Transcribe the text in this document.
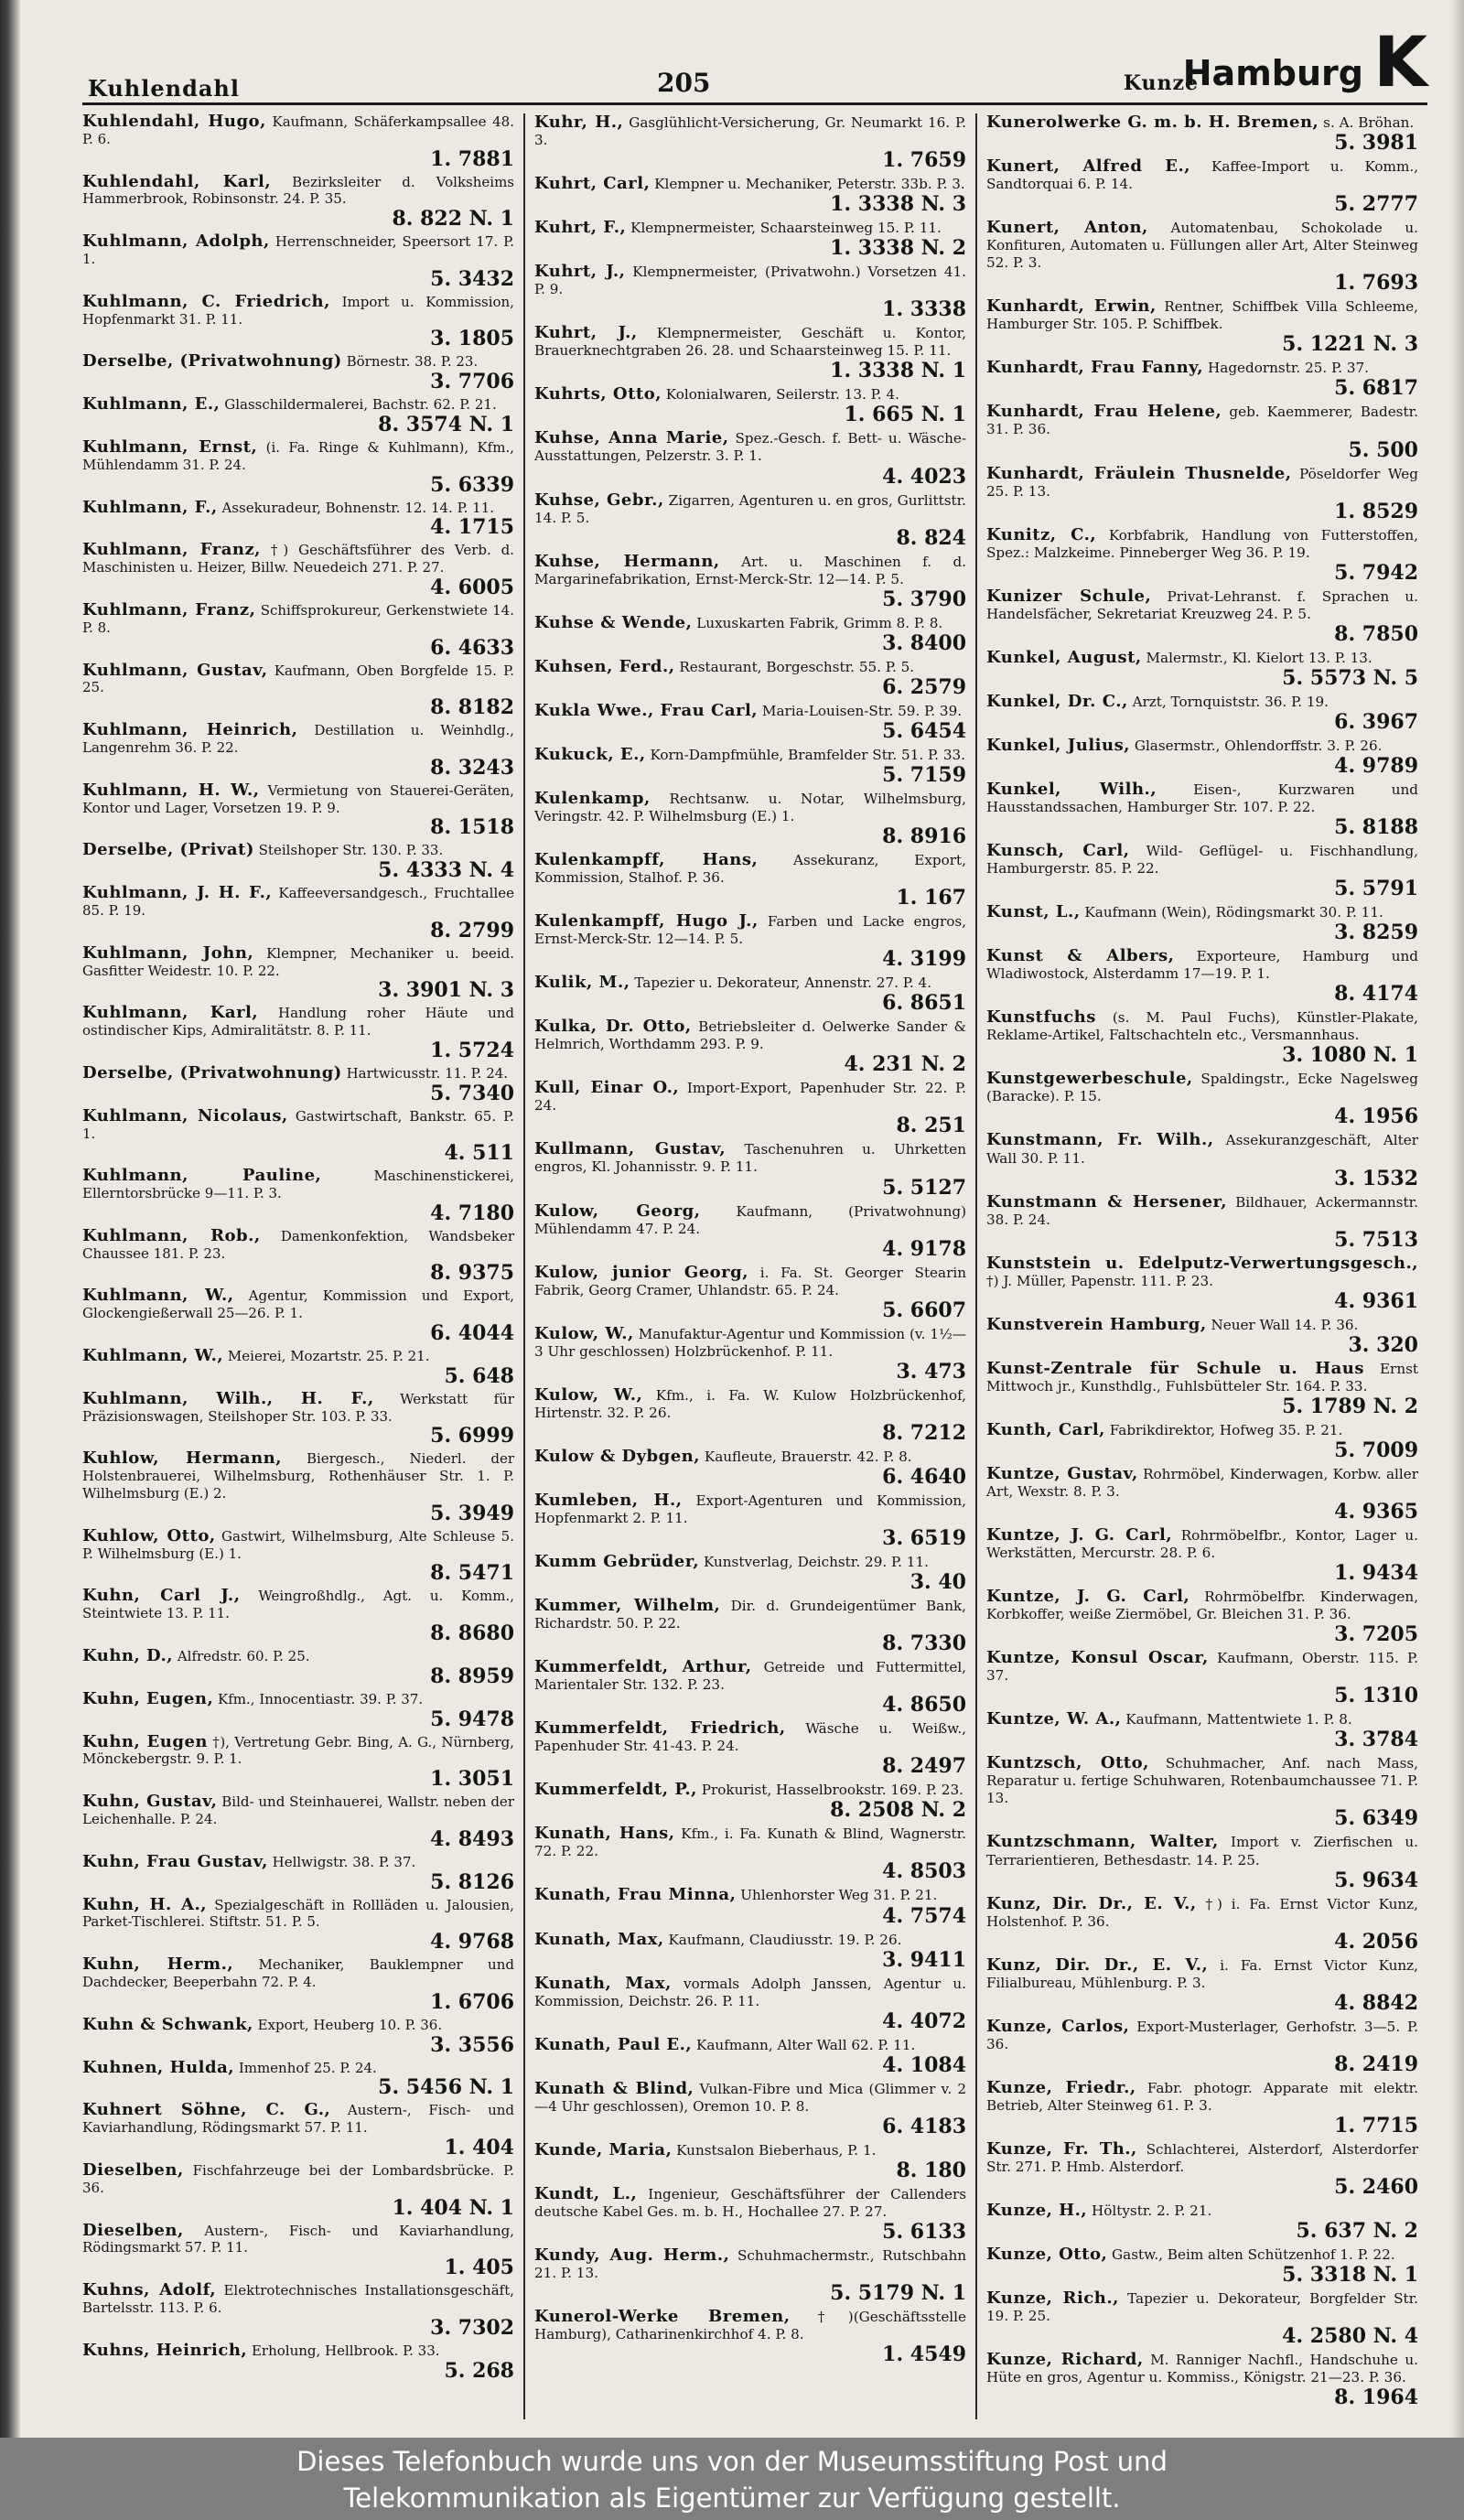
Kuhlendahl	205	Kunze
Hamburg K
Kuhlendahl, Hugo, Kaufmann, Schäferkampsallee 48. P. 6.
1. 7881
Kuhlendahl, Karl, Bezirksleiter d. Volksheims Hammerbrook, Robinsonstr. 24. P. 35.
8. 822 N. 1
Kuhlmann, Adolph, Herrenschneider, Speersort 17. P. 1.
5. 3432
Kuhlmann, C. Friedrich, Import u. Kommission, Hopfenmarkt 31. P. 11.
3. 1805
Derselbe, (Privatwohnung) Börnestr. 38. P. 23.
3. 7706
Kuhlmann, E., Glasschildermalerei, Bachstr. 62. P. 21.
8. 3574 N. 1
Kuhlmann, Ernst, (i. Fa. Ringe & Kuhlmann), Kfm., Mühlendamm 31. P. 24.
5. 6339
Kuhlmann, F., Assekuradeur, Bohnenstr. 12. 14. P. 11.
4. 1715
Kuhlmann, Franz, †) Geschäftsführer des Verb. d. Maschinisten u. Heizer, Billw. Neuedeich 271. P. 27.
4. 6005
Kuhlmann, Franz, Schiffsprokureur, Gerkenstwiete 14. P. 8.
6. 4633
Kuhlmann, Gustav, Kaufmann, Oben Borgfelde 15. P. 25.
8. 8182
Kuhlmann, Heinrich, Destillation u. Weinhdlg., Langenrehm 36. P. 22.
8. 3243
Kuhlmann, H. W., Vermietung von Stauerei-Geräten, Kontor und Lager, Vorsetzen 19. P. 9.
8. 1518
Derselbe, (Privat) Steilshoper Str. 130. P. 33.
5. 4333 N. 4
Kuhlmann, J. H. F., Kaffeeversandgesch., Fruchtallee 85. P. 19.
8. 2799
Kuhlmann, John, Klempner, Mechaniker u. beeid. Gasfitter Weidestr. 10. P. 22.
3. 3901 N. 3
Kuhlmann, Karl, Handlung roher Häute und ostindischer Kips, Admiralitätstr. 8. P. 11.
1. 5724
Derselbe, (Privatwohnung) Hartwicusstr. 11. P. 24.
5. 7340
Kuhlmann, Nicolaus, Gastwirtschaft, Bankstr. 65. P. 1.
4. 511
Kuhlmann, Pauline,	Maschinenstickerei, Ellerntorsbrücke 9—11. P. 3.
4. 7180
Kuhlmann, Rob., Damenkonfektion, Wandsbeker Chaussee 181. P. 23.
8. 9375
Kuhlmann, W., Agentur, Kommission und Export, Glockengießerwall 25—26. P. 1.
6. 4044
Kuhlmann, W., Meierei, Mozartstr. 25. P. 21.
5. 648
Kuhlmann, Wilh., H. F., Werkstatt für Präzisionswagen, Steilshoper Str. 103. P. 33.
5. 6999
Kuhlow, Hermann, Biergesch., Niederl. der Holstenbrauerei, Wilhelmsburg, Rothenhäuser Str. 1. P. Wilhelmsburg (E.) 2.
5. 3949
Kuhlow, Otto, Gastwirt, Wilhelmsburg, Alte Schleuse 5. P. Wilhelmsburg (E.) 1.
8. 5471
Kuhn, Carl J., Weingroßhdlg., Agt. u. Komm., Steintwiete 13. P. 11.
8. 8680
Kuhn, D., Alfredstr. 60. P. 25.
8. 8959
Kuhn, Eugen, Kfm., Innocentiastr. 39. P. 37.
5. 9478
Kuhn, Eugen †), Vertretung Gebr. Bing, A. G., Nürnberg, Mönckebergstr. 9. P. 1.
1. 3051
Kuhn, Gustav, Bild- und Steinhauerei, Wallstr. neben der Leichenhalle. P. 24.
4. 8493
Kuhn, Frau Gustav, Hellwigstr. 38. P. 37.
5. 8126
Kuhn, H. A., Spezialgeschäft in Rollläden u. Jalousien, Parket-Tischlerei. Stiftstr. 51. P. 5.
4. 9768
Kuhn, Herm., Mechaniker, Bauklempner und Dachdecker, Beeperbahn 72. P. 4.
1. 6706
Kuhn & Schwank, Export, Heuberg 10. P. 36.
3. 3556
Kuhnen, Hulda, Immenhof 25. P. 24.
5. 5456 N. 1
Kuhnert Söhne, C. G., Austern-, Fisch- und Kaviarhandlung, Rödingsmarkt 57. P. 11.
1. 404
Dieselben, Fischfahrzeuge bei der Lombardsbrücke. P. 36.
1. 404 N. 1
Dieselben, Austern-, Fisch- und Kaviarhandlung, Rödingsmarkt 57. P. 11.
1. 405
Kuhns, Adolf, Elektrotechnisches Installationsgeschäft, Bartelsstr. 113. P. 6.
3. 7302
Kuhns, Heinrich, Erholung, Hellbrook. P. 33.
5. 268
Kuhr, H., Gasglühlicht-Versicherung, Gr. Neumarkt 16. P. 3.
1. 7659
Kuhrt, Carl, Klempner u. Mechaniker, Peterstr. 33b. P. 3.
1. 3338 N. 3
Kuhrt, F., Klempnermeister, Schaarsteinweg 15. P. 11.
1. 3338 N. 2
Kuhrt, J., Klempnermeister, (Privatwohn.) Vorsetzen 41. P. 9.
1. 3338
Kuhrt, J., Klempnermeister, Geschäft u. Kontor, Brauerknechtgraben 26. 28. und Schaarsteinweg 15. P. 11.
1. 3338 N. 1
Kuhrts, Otto, Kolonialwaren, Seilerstr. 13. P. 4.
1. 665 N. 1
Kuhse, Anna Marie, Spez.-Gesch. f. Bett- u. Wäsche-Ausstattungen, Pelzerstr. 3. P. 1.
4. 4023
Kuhse, Gebr., Zigarren, Agenturen u. en gros, Gurlittstr. 14. P. 5.
8. 824
Kuhse, Hermann, Art. u. Maschinen f. d. Margarinefabrikation, Ernst-Merck-Str. 12—14. P. 5.
5. 3790
Kuhse & Wende, Luxuskarten Fabrik, Grimm 8. P. 8.
3. 8400
Kuhsen, Ferd., Restaurant, Borgeschstr. 55. P. 5.
6. 2579
Kukla Wwe., Frau Carl, Maria-Louisen-Str. 59. P. 39.
5. 6454
Kukuck, E., Korn-Dampfmühle, Bramfelder Str. 51. P. 33.
5. 7159
Kulenkamp, Rechtsanw. u. Notar, Wilhelmsburg, Veringstr. 42. P. Wilhelmsburg (E.) 1.
8. 8916
Kulenkampff, Hans,	Assekuranz, Export, Kommission, Stalhof. P. 36.
1. 167
Kulenkampff, Hugo J., Farben und Lacke engros, Ernst-Merck-Str. 12—14. P. 5.
4. 3199
Kulik, M., Tapezier u. Dekorateur, Annenstr. 27. P. 4.
6. 8651
Kulka, Dr. Otto, Betriebsleiter d. Oelwerke Sander & Helmrich, Worthdamm 293. P. 9.
4. 231 N. 2
Kull, Einar O., Import-Export, Papenhuder Str. 22. P. 24.
8. 251
Kullmann, Gustav, Taschenuhren u. Uhrketten engros, Kl. Johannisstr. 9. P. 11.
5. 5127
Kulow, Georg,	Kaufmann, (Privatwohnung) Mühlendamm 47. P. 24.
4. 9178
Kulow, junior Georg, i. Fa. St. Georger Stearin Fabrik, Georg Cramer, Uhlandstr. 65. P. 24.
5. 6607
Kulow, W., Manufaktur-Agentur und Kommission (v. 1½—3 Uhr geschlossen) Holzbrückenhof. P. 11.
3. 473
Kulow, W., Kfm., i. Fa. W. Kulow Holzbrückenhof, Hirtenstr. 32. P. 26.
8. 7212
Kulow & Dybgen, Kaufleute, Brauerstr. 42. P. 8.
6. 4640
Kumleben, H., Export-Agenturen und Kommission, Hopfenmarkt 2. P. 11.
3. 6519
Kumm Gebrüder, Kunstverlag, Deichstr. 29. P. 11.
3. 40
Kummer, Wilhelm, Dir. d. Grundeigentümer Bank, Richardstr. 50. P. 22.
8. 7330
Kummerfeldt, Arthur, Getreide und Futtermittel, Marientaler Str. 132. P. 23.
4. 8650
Kummerfeldt, Friedrich, Wäsche u. Weißw., Papenhuder Str. 41-43. P. 24.
8. 2497
Kummerfeldt, P., Prokurist, Hasselbrookstr. 169. P. 23.
8. 2508 N. 2
Kunath, Hans, Kfm., i. Fa. Kunath & Blind, Wagnerstr. 72. P. 22.
4. 8503
Kunath, Frau Minna, Uhlenhorster Weg 31. P. 21.
4. 7574
Kunath, Max, Kaufmann, Claudiusstr. 19. P. 26.
3. 9411
Kunath, Max, vormals Adolph Janssen, Agentur u. Kommission, Deichstr. 26. P. 11.
4. 4072
Kunath, Paul E., Kaufmann, Alter Wall 62. P. 11.
4. 1084
Kunath & Blind, Vulkan-Fibre und Mica (Glimmer v. 2—4 Uhr geschlossen), Oremon 10. P. 8.
6. 4183
Kunde, Maria, Kunstsalon Bieberhaus, P. 1.
8. 180
Kundt, L., Ingenieur, Geschäftsführer der Callenders deutsche Kabel Ges. m. b. H., Hochallee 27. P. 27.
5. 6133
Kundy, Aug. Herm., Schuhmachermstr., Rutschbahn 21. P. 13.
5. 5179 N. 1
Kunerol-Werke Bremen, †)(Geschäftsstelle Hamburg), Catharinenkirchhof 4. P. 8.
1. 4549
Kunerolwerke G. m. b. H. Bremen, s. A. Bröhan.
5. 3981
Kunert, Alfred E., Kaffee-Import u. Komm., Sandtorquai 6. P. 14.
5. 2777
Kunert, Anton, Automatenbau, Schokolade u. Konfituren, Automaten u. Füllungen aller Art, Alter Steinweg 52. P. 3.
1. 7693
Kunhardt, Erwin, Rentner, Schiffbek Villa Schleeme, Hamburger Str. 105. P. Schiffbek.
5. 1221 N. 3
Kunhardt, Frau Fanny, Hagedornstr. 25. P. 37.
5. 6817
Kunhardt, Frau Helene, geb. Kaemmerer, Badestr. 31. P. 36.
5. 500
Kunhardt, Fräulein Thusnelde, Pöseldorfer Weg 25. P. 13.
1. 8529
Kunitz, C., Korbfabrik, Handlung von Futterstoffen, Spez.: Malzkeime. Pinneberger Weg 36. P. 19.
5. 7942
Kunizer Schule, Privat-Lehranst. f. Sprachen u. Handelsfächer, Sekretariat Kreuzweg 24. P. 5.
8. 7850
Kunkel, August, Malermstr., Kl. Kielort 13. P. 13.
5. 5573 N. 5
Kunkel, Dr. C., Arzt, Tornquiststr. 36. P. 19.
6. 3967
Kunkel, Julius, Glasermstr., Ohlendorffstr. 3. P. 26.
4. 9789
Kunkel, Wilh.,	Eisen-, Kurzwaren und Hausstandssachen, Hamburger Str. 107. P. 22.
5. 8188
Kunsch, Carl, Wild- Geflügel- u. Fischhandlung, Hamburgerstr. 85. P. 22.
5. 5791
Kunst, L., Kaufmann (Wein), Rödingsmarkt 30. P. 11.
3. 8259
Kunst & Albers, Exporteure, Hamburg und Wladiwostock, Alsterdamm 17—19. P. 1.
8. 4174
Kunstfuchs (s. M. Paul Fuchs), Künstler-Plakate, Reklame-Artikel, Faltschachteln etc., Versmannhaus.
3. 1080 N. 1
Kunstgewerbeschule, Spaldingstr., Ecke Nagelsweg (Baracke). P. 15.
4. 1956
Kunstmann, Fr. Wilh., Assekuranzgeschäft, Alter Wall 30. P. 11.
3. 1532
Kunstmann & Hersener, Bildhauer, Ackermannstr. 38. P. 24.
5. 7513
Kunststein u. Edelputz-Verwertungsgesch., †) J. Müller, Papenstr. 111. P. 23.
4. 9361
Kunstverein Hamburg, Neuer Wall 14. P. 36.
3. 320
Kunst-Zentrale für Schule u. Haus Ernst Mittwoch jr., Kunsthdlg., Fuhlsbütteler Str. 164. P. 33.
5. 1789 N. 2
Kunth, Carl, Fabrikdirektor, Hofweg 35. P. 21.
5. 7009
Kuntze, Gustav, Rohrmöbel, Kinderwagen, Korbw. aller Art, Wexstr. 8. P. 3.
4. 9365
Kuntze, J. G. Carl, Rohrmöbelfbr., Kontor, Lager u. Werkstätten, Mercurstr. 28. P. 6.
1. 9434
Kuntze, J. G. Carl, Rohrmöbelfbr. Kinderwagen, Korbkoffer, weiße Ziermöbel, Gr. Bleichen 31. P. 36.
3. 7205
Kuntze, Konsul Oscar, Kaufmann, Oberstr. 115. P. 37.
5. 1310
Kuntze, W. A., Kaufmann, Mattentwiete 1. P. 8.
3. 3784
Kuntzsch, Otto, Schuhmacher, Anf. nach Mass, Reparatur u. fertige Schuhwaren, Rotenbaumchaussee 71. P. 13.
5. 6349
Kuntzschmann, Walter, Import v. Zierfischen u. Terrarientieren, Bethesdastr. 14. P. 25.
5. 9634
Kunz, Dir. Dr., E. V., †) i. Fa. Ernst Victor Kunz, Holstenhof. P. 36.
4. 2056
Kunz, Dir. Dr., E. V., i. Fa. Ernst Victor Kunz, Filialbureau, Mühlenburg. P. 3.
4. 8842
Kunze, Carlos, Export-Musterlager, Gerhofstr. 3—5. P. 36.
8. 2419
Kunze, Friedr., Fabr. photogr. Apparate mit elektr. Betrieb, Alter Steinweg 61. P. 3.
1. 7715
Kunze, Fr. Th., Schlachterei, Alsterdorf, Alsterdorfer Str. 271. P. Hmb. Alsterdorf.
5. 2460
Kunze, H., Höltystr. 2. P. 21.
5. 637 N. 2
Kunze, Otto, Gastw., Beim alten Schützenhof 1. P. 22.
5. 3318 N. 1
Kunze, Rich., Tapezier u. Dekorateur, Borgfelder Str. 19. P. 25.
4. 2580 N. 4
Kunze, Richard, M. Ranniger Nachfl., Handschuhe u. Hüte en gros, Agentur u. Kommiss., Königstr. 21—23. P. 36.
8. 1964
Dieses Telefonbuch wurde uns von der Museumsstiftung Post und
Telekommunikation als Eigentümer zur Verfügung gestellt.
